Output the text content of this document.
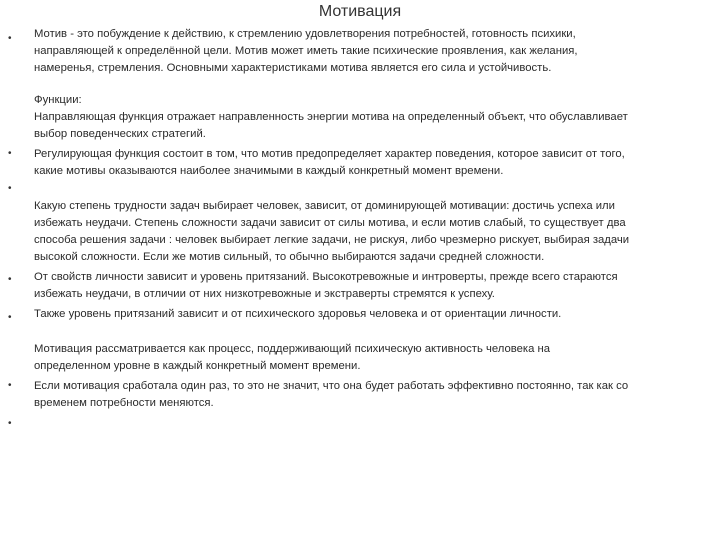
Мотивация
•
•
•
•
•
•
•
Мотив - это побуждение к действию, к стремлению удовлетворения потребностей, готовность психики,
направляющей к определённой цели. Мотив может иметь такие психические проявления, как желания,
намеренья, стремления. Основными характеристиками мотива является его сила и устойчивость.
Функции:
Направляющая функция отражает направленность энергии мотива на определенный объект, что обуславливает
выбор поведенческих стратегий.
Регулирующая функция состоит в том, что мотив предопределяет характер поведения, которое зависит от того,
какие мотивы оказываются наиболее значимыми в каждый конкретный момент времени.
Какую степень трудности задач выбирает человек, зависит, от доминирующей мотивации: достичь успеха или
избежать неудачи. Степень сложности задачи зависит от силы мотива, и если мотив слабый, то существует два
способа решения задачи : человек выбирает легкие задачи, не рискуя, либо чрезмерно рискует, выбирая задачи
высокой сложности. Если же мотив сильный, то обычно выбираются задачи средней сложности.
От свойств личности зависит и уровень притязаний. Высокотревожные и интроверты, прежде всего стараются
избежать неудачи, в отличии от них низкотревожные и экстраверты стремятся к успеху.
Также уровень притязаний зависит и от психического здоровья человека и от ориентации личности.
Мотивация рассматривается как процесс, поддерживающий психическую активность человека на
определенном уровне в каждый конкретный момент времени.
Если мотивация сработала один раз, то это не значит, что она будет работать эффективно постоянно, так как со
временем потребности меняются.
